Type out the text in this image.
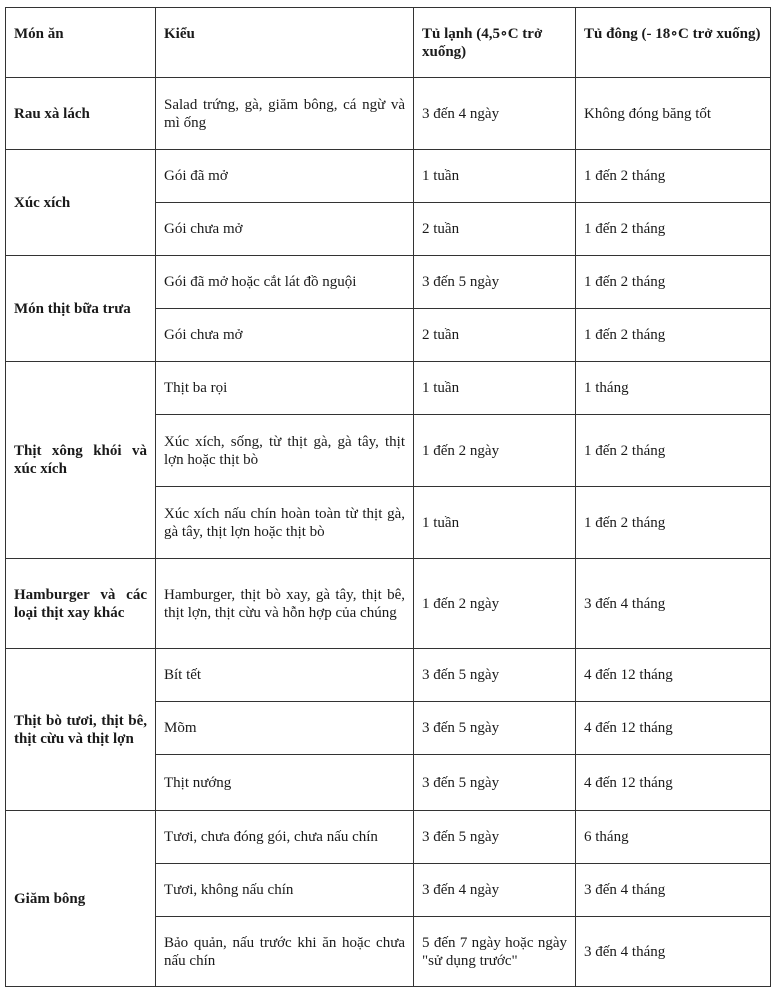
Món ăn	Kiểu	Tủ lạnh (4,5∘C trở xuống)	Tủ đông (- 18∘C trở xuống)
Rau xà lách	Salad trứng, gà, giăm bông, cá ngừ và mì ống	3 đến 4 ngày	Không đóng băng tốt
Xúc xích	Gói đã mở	1 tuần	1 đến 2 tháng
	Gói chưa mở	2 tuần	1 đến 2 tháng
Món thịt bữa trưa	Gói đã mở hoặc cắt lát đồ nguội	3 đến 5 ngày	1 đến 2 tháng
	Gói chưa mở	2 tuần	1 đến 2 tháng
Thịt xông khói và xúc xích	Thịt ba rọi	1 tuần	1 tháng
	Xúc xích, sống, từ thịt gà, gà tây, thịt lợn hoặc thịt bò	1 đến 2 ngày	1 đến 2 tháng
	Xúc xích nấu chín hoàn toàn từ thịt gà, gà tây, thịt lợn hoặc thịt bò	1 tuần	1 đến 2 tháng
Hamburger và các loại thịt xay khác	Hamburger, thịt bò xay, gà tây, thịt bê, thịt lợn, thịt cừu và hỗn hợp của chúng	1 đến 2 ngày	3 đến 4 tháng
Thịt bò tươi, thịt bê, thịt cừu và thịt lợn	Bít tết	3 đến 5 ngày	4 đến 12 tháng
	Mõm	3 đến 5 ngày	4 đến 12 tháng
	Thịt nướng	3 đến 5 ngày	4 đến 12 tháng
Giăm bông	Tươi, chưa đóng gói, chưa nấu chín	3 đến 5 ngày	6 tháng
	Tươi, không nấu chín	3 đến 4 ngày	3 đến 4 tháng
	Bảo quản, nấu trước khi ăn hoặc chưa nấu chín	5 đến 7 ngày hoặc ngày "sử dụng trước"	3 đến 4 tháng
